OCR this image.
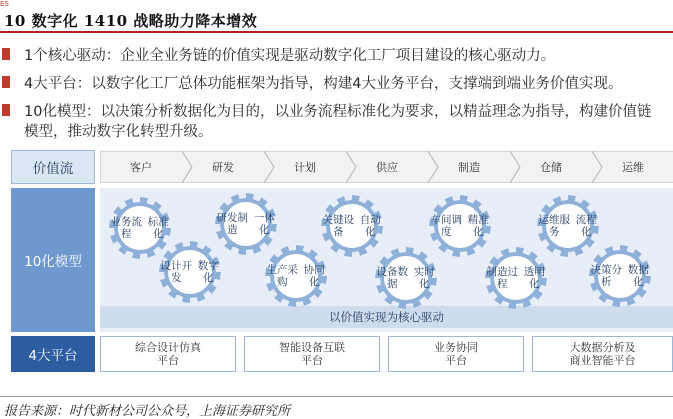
ES
10 数字化 1410 战略助力降本增效
1个核心驱动：企业全业务链的价值实现是驱动数字化工厂项目建设的核心驱动力。
4大平台：以数字化工厂总体功能框架为指导，构建4大业务平台，支撑端到端业务价值实现。
10化模型：以决策分析数据化为目的，以业务流程标准化为要求，以精益理念为指导，构建价值链
模型，推动数字化转型升级。
价值流
10化模型
4大平台
客户	研发	计划	供应	制造	仓储	运维
以价值实现为核心驱动
业务流程

标准化
设计开发

数字化
研发制造

一体化
生产采购

协同化
关键设备

自动化
设备数据

实时化
车间调度

精准化
制造过程

透明化
运维服务

流程化
决策分析

数据化
综合设计仿真
平台
智能设备互联
平台
业务协同
平台
大数据分析及
商业智能平台
报告来源：时代新材公司公众号，上海证券研究所
